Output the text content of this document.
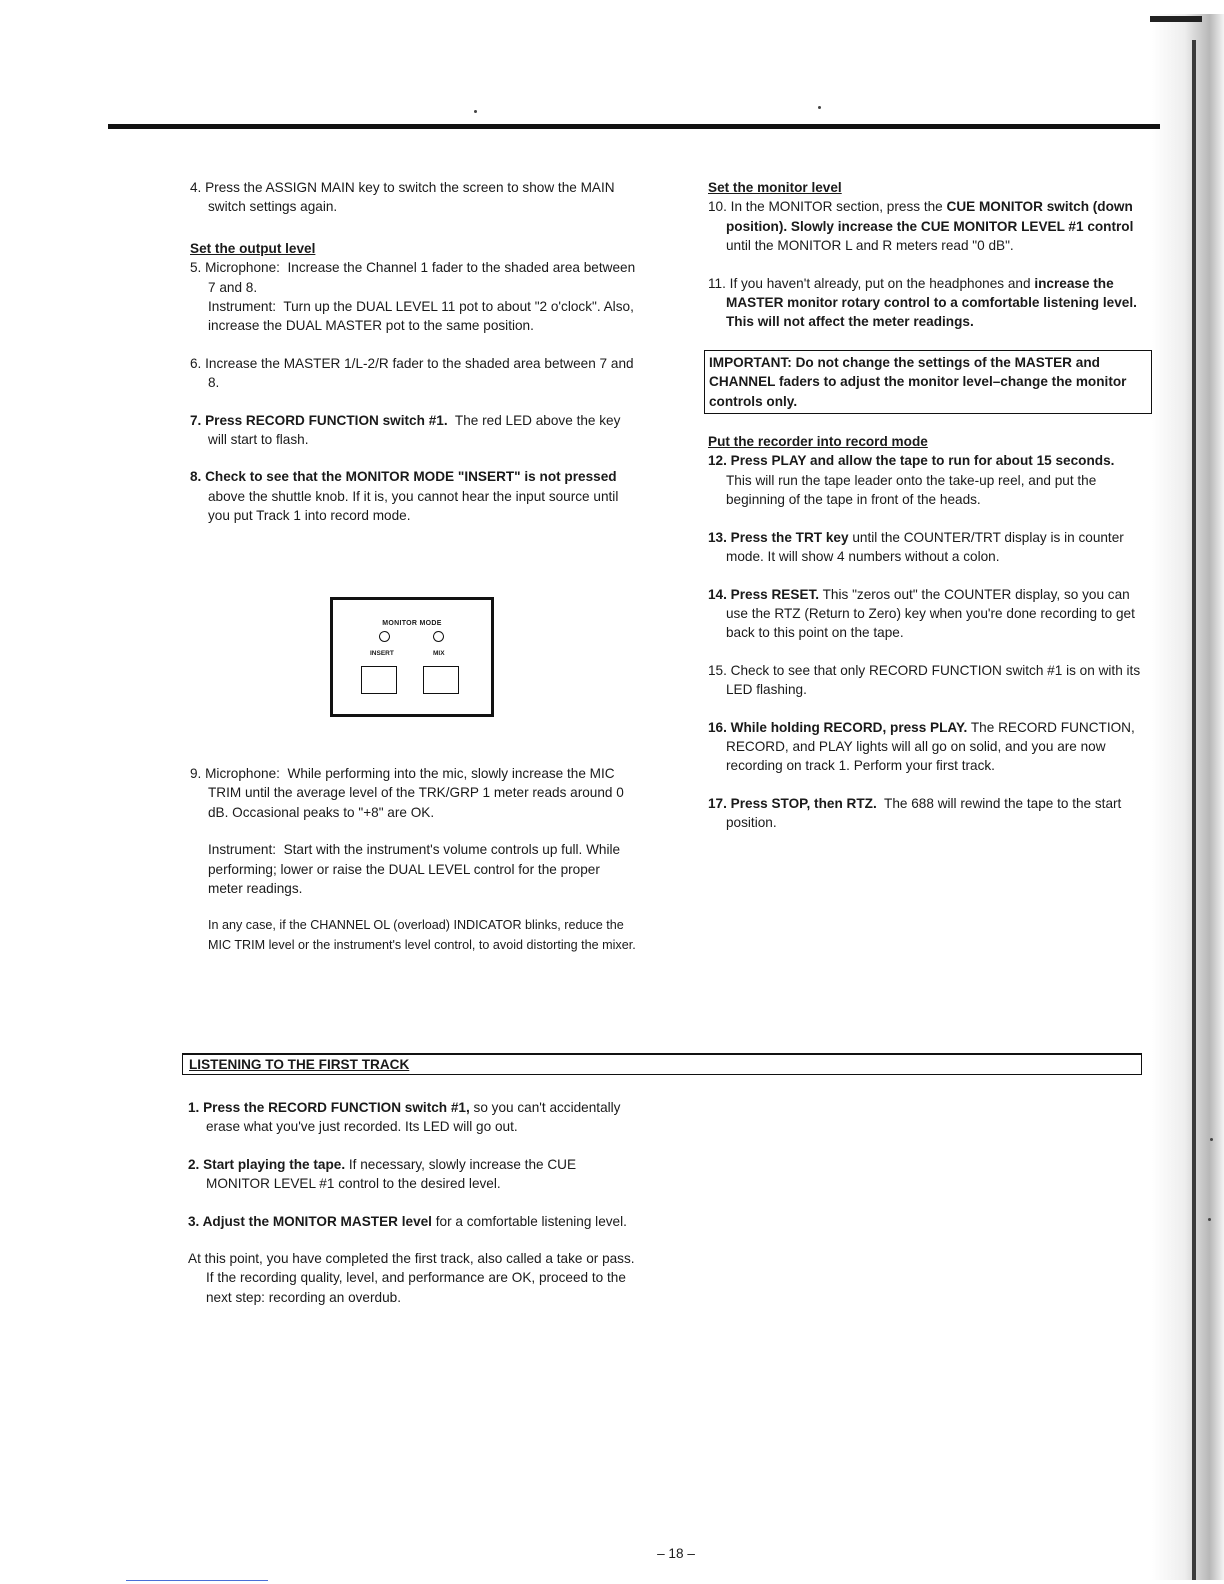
4. Press the ASSIGN MAIN key to switch the screen to show the MAIN switch settings again.

Set the output level

5. Microphone: Increase the Channel 1 fader to the shaded area between 7 and 8.

Instrument: Turn up the DUAL LEVEL 11 pot to about "2 o'clock". Also, increase the DUAL MASTER pot to the same position.

6. Increase the MASTER 1/L-2/R fader to the shaded area between 7 and 8.

7. Press RECORD FUNCTION switch #1. The red LED above the key will start to flash.

8. Check to see that the MONITOR MODE "INSERT" is not pressed above the shuttle knob. If it is, you cannot hear the input source until you put Track 1 into record mode.

MONITOR MODE
INSERT	MIX

9. Microphone: While performing into the mic, slowly increase the MIC TRIM until the average level of the TRK/GRP 1 meter reads around 0 dB. Occasional peaks to "+8" are OK.

Instrument: Start with the instrument's volume controls up full. While performing; lower or raise the DUAL LEVEL control for the proper meter readings.

In any case, if the CHANNEL OL (overload) INDICATOR blinks, reduce the MIC TRIM level or the instrument's level control, to avoid distorting the mixer.

Set the monitor level

10. In the MONITOR section, press the CUE MONITOR switch (down position). Slowly increase the CUE MONITOR LEVEL #1 control until the MONITOR L and R meters read "0 dB".

11. If you haven't already, put on the headphones and increase the MASTER monitor rotary control to a comfortable listening level. This will not affect the meter readings.

IMPORTANT: Do not change the settings of the MASTER and CHANNEL faders to adjust the monitor level–change the monitor controls only.

Put the recorder into record mode

12. Press PLAY and allow the tape to run for about 15 seconds.  This will run the tape leader onto the take-up reel, and put the beginning of the tape in front of the heads.

13. Press the TRT key until the COUNTER/TRT display is in counter mode. It will show 4 numbers without a colon.

14. Press RESET. This "zeros out" the COUNTER display, so you can use the RTZ (Return to Zero) key when you're done recording to get back to this point on the tape.

15. Check to see that only RECORD FUNCTION switch #1 is on with its LED flashing.

16. While holding RECORD, press PLAY. The RECORD FUNCTION, RECORD, and PLAY lights will all go on solid, and you are now recording on track 1. Perform your first track.

17. Press STOP, then RTZ. The 688 will rewind the tape to the start position.

LISTENING TO THE FIRST TRACK

1. Press the RECORD FUNCTION switch #1, so you can't accidentally erase what you've just recorded. Its LED will go out.

2. Start playing the tape. If necessary, slowly increase the CUE MONITOR LEVEL #1 control to the desired level.

3. Adjust the MONITOR MASTER level for a comfortable listening level.

At this point, you have completed the first track, also called a take or pass. If the recording quality, level, and performance are OK, proceed to the next step: recording an overdub.

– 18 –
